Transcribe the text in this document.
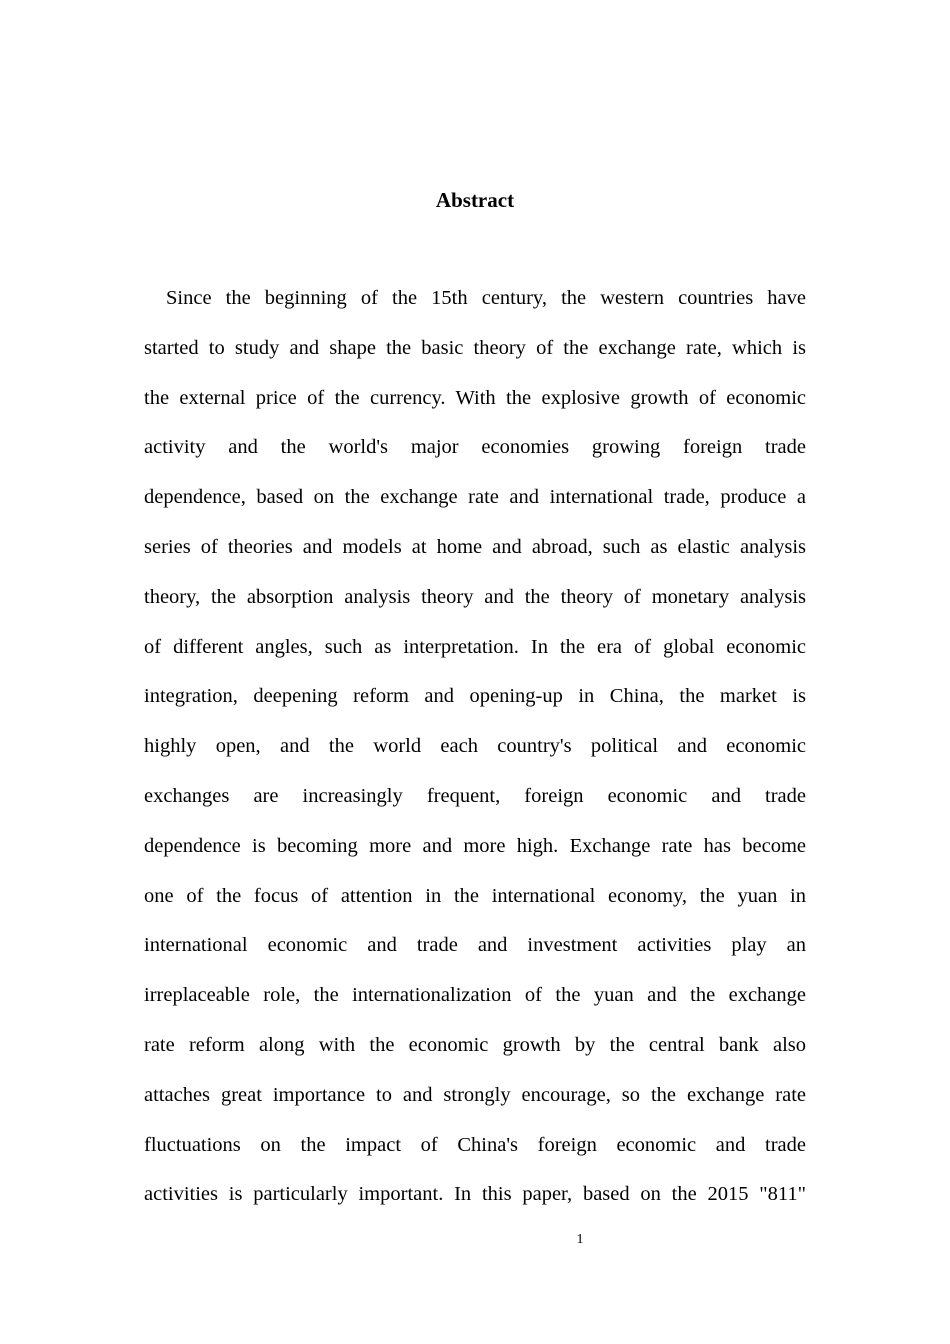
Abstract
Since the beginning of the 15th century, the western countries have
started to study and shape the basic theory of the exchange rate, which is
the external price of the currency. With the explosive growth of economic
activity and the world's major economies growing foreign trade
dependence, based on the exchange rate and international trade, produce a
series of theories and models at home and abroad, such as elastic analysis
theory, the absorption analysis theory and the theory of monetary analysis
of different angles, such as interpretation. In the era of global economic
integration, deepening reform and opening-up in China, the market is
highly open, and the world each country's political and economic
exchanges are increasingly frequent, foreign economic and trade
dependence is becoming more and more high. Exchange rate has become
one of the focus of attention in the international economy, the yuan in
international economic and trade and investment activities play an
irreplaceable role, the internationalization of the yuan and the exchange
rate reform along with the economic growth by the central bank also
attaches great importance to and strongly encourage, so the exchange rate
fluctuations on the impact of China's foreign economic and trade
activities is particularly important. In this paper, based on the 2015 "811"
1
